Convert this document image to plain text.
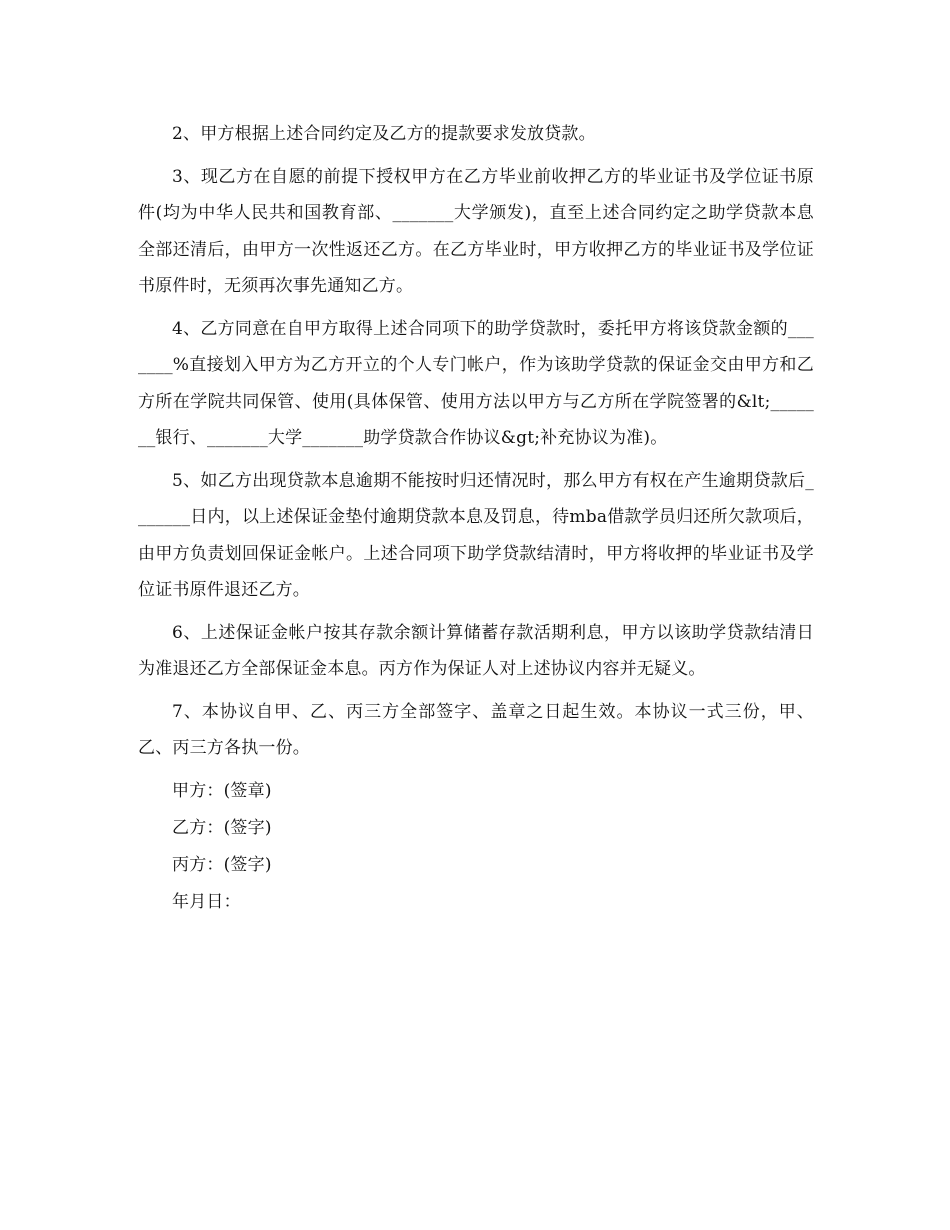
2、甲方根据上述合同约定及乙方的提款要求发放贷款。

3、现乙方在自愿的前提下授权甲方在乙方毕业前收押乙方的毕业证书及学位证书原件(均为中华人民共和国教育部、_______大学颁发)，直至上述合同约定之助学贷款本息全部还清后，由甲方一次性返还乙方。在乙方毕业时，甲方收押乙方的毕业证书及学位证书原件时，无须再次事先通知乙方。

4、乙方同意在自甲方取得上述合同项下的助学贷款时，委托甲方将该贷款金额的_______%直接划入甲方为乙方开立的个人专门帐户，作为该助学贷款的保证金交由甲方和乙方所在学院共同保管、使用(具体保管、使用方法以甲方与乙方所在学院签署的&lt;_______银行、_______大学_______助学贷款合作协议&gt;补充协议为准)。

5、如乙方出现贷款本息逾期不能按时归还情况时，那么甲方有权在产生逾期贷款后_______日内，以上述保证金垫付逾期贷款本息及罚息，待mba借款学员归还所欠款项后，由甲方负责划回保证金帐户。上述合同项下助学贷款结清时，甲方将收押的毕业证书及学位证书原件退还乙方。

6、上述保证金帐户按其存款余额计算储蓄存款活期利息，甲方以该助学贷款结清日为准退还乙方全部保证金本息。丙方作为保证人对上述协议内容并无疑义。

7、本协议自甲、乙、丙三方全部签字、盖章之日起生效。本协议一式三份，甲、乙、丙三方各执一份。

甲方：(签章)

乙方：(签字)

丙方：(签字)

年月日：
